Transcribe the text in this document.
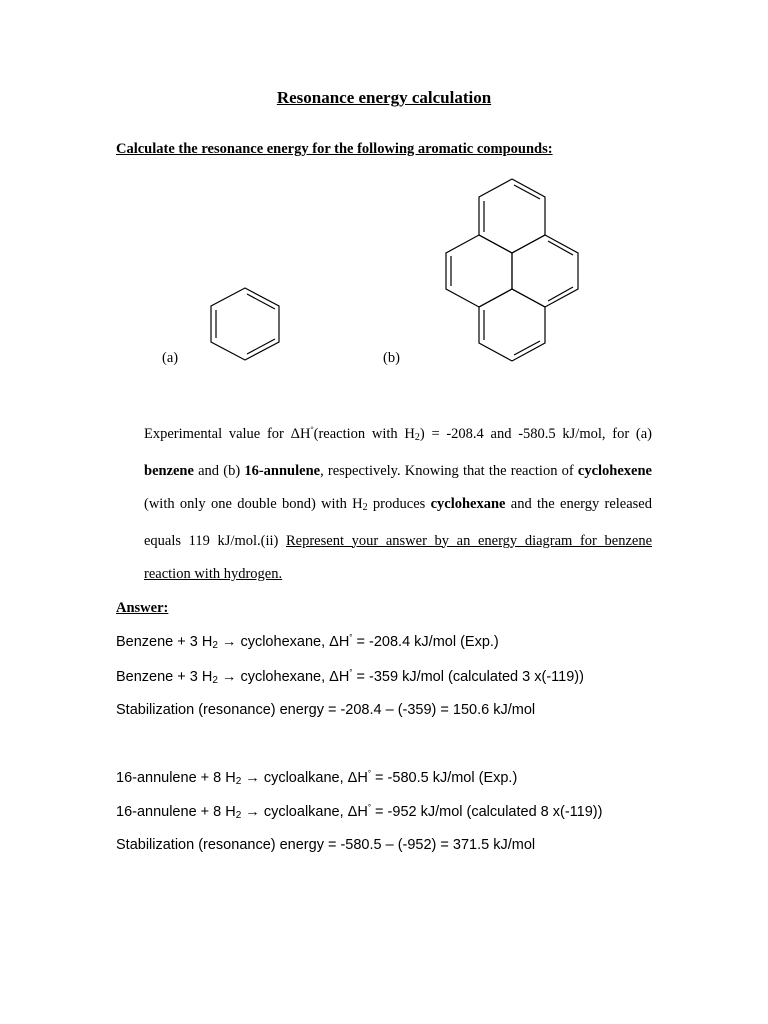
Resonance energy calculation
Calculate the resonance energy for the following aromatic compounds:
(a)	(b)
Experimental value for ΔH°(reaction with $H_2) = -208.4$ and -580.5 kJ/mol, for (a) benzene and (b) 16-annulene, respectively. Knowing that the reaction of cyclohexene (with only one double bond) with $H_2$ produces cyclohexane and the energy released equals 119 kJ/mol.(ii) Represent your answer by an energy diagram for benzene reaction with hydrogen.
Answer:
Benzene + 3 $H_2$ → cyclohexane, ΔH° = -208.4 kJ/mol (Exp.)
Benzene + 3 $H_2$ → cyclohexane, ΔH° = -359 kJ/mol (calculated 3 x(-119))
Stabilization (resonance) energy = -208.4 – (-359) = 150.6 kJ/mol
16-annulene + 8 $H_2$ → cycloalkane, ΔH° = -580.5 kJ/mol (Exp.)
16-annulene + 8 $H_2$ → cycloalkane, ΔH° = -952 kJ/mol (calculated 8 x(-119))
Stabilization (resonance) energy = -580.5 – (-952) = 371.5 kJ/mol
